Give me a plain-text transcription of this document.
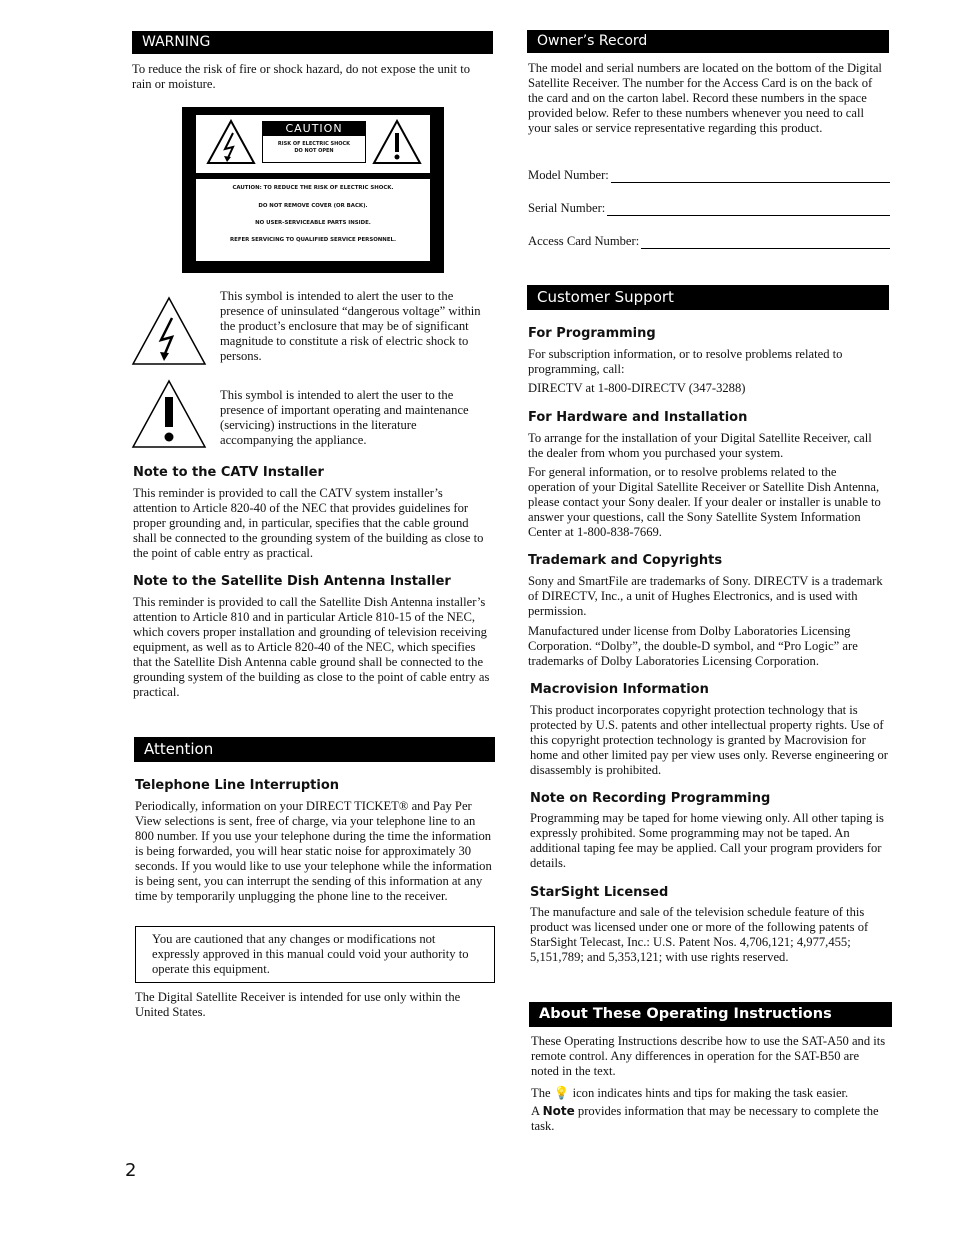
WARNING

To reduce the risk of fire or shock hazard, do not expose the unit to rain or moisture.

CAUTION
RISK OF ELECTRIC SHOCK
DO NOT OPEN
CAUTION: TO REDUCE THE RISK OF ELECTRIC SHOCK.
DO NOT REMOVE COVER (OR BACK).
NO USER-SERVICEABLE PARTS INSIDE.
REFER SERVICING TO QUALIFIED SERVICE PERSONNEL.

This symbol is intended to alert the user to the presence of uninsulated “dangerous voltage” within the product’s enclosure that may be of significant magnitude to constitute a risk of electric shock to persons.

This symbol is intended to alert the user to the presence of important operating and maintenance (servicing) instructions in the literature accompanying the appliance.

Note to the CATV Installer

This reminder is provided to call the CATV system installer’s attention to Article 820-40 of the NEC that provides guidelines for proper grounding and, in particular, specifies that the cable ground shall be connected to the grounding system of the building as close to the point of cable entry as practical.

Note to the Satellite Dish Antenna Installer

This reminder is provided to call the Satellite Dish Antenna installer’s attention to Article 810 and in particular Article 810-15 of the NEC, which covers proper installation and grounding of television receiving equipment, as well as to Article 820-40 of the NEC, which specifies that the Satellite Dish Antenna cable ground shall be connected to the grounding system of the building as close to the point of cable entry as practical.

Attention
Telephone Line Interruption

Periodically, information on your DIRECT TICKET® and Pay Per View selections is sent, free of charge, via your telephone line to an 800 number. If you use your telephone during the time the information is being forwarded, you will hear static noise for approximately 30 seconds. If you would like to use your telephone while the information is being sent, you can interrupt the sending of this information at any time by temporarily unplugging the phone line to the receiver.

You are cautioned that any changes or modifications not expressly approved in this manual could void your authority to operate this equipment.

The Digital Satellite Receiver is intended for use only within the United States.

Owner’s Record

The model and serial numbers are located on the bottom of the Digital Satellite Receiver. The number for the Access Card is on the back of the card and on the carton label. Record these numbers in the space provided below. Refer to these numbers whenever you need to call your sales or service representative regarding this product.

Model Number:
Serial Number:
Access Card Number:
Customer Support
For Programming

For subscription information, or to resolve problems related to programming, call:

DIRECTV at 1-800-DIRECTV (347-3288)

For Hardware and Installation

To arrange for the installation of your Digital Satellite Receiver, call the dealer from whom you purchased your system.

For general information, or to resolve problems related to the operation of your Digital Satellite Receiver or Satellite Dish Antenna, please contact your Sony dealer. If your dealer or installer is unable to answer your questions, call the Sony Satellite System Information Center at 1-800-838-7669.

Trademark and Copyrights

Sony and SmartFile are trademarks of Sony. DIRECTV is a trademark of DIRECTV, Inc., a unit of Hughes Electronics, and is used with permission.

Manufactured under license from Dolby Laboratories Licensing Corporation. “Dolby”, the double-D symbol, and “Pro Logic” are trademarks of Dolby Laboratories Licensing Corporation.

Macrovision Information

This product incorporates copyright protection technology that is protected by U.S. patents and other intellectual property rights. Use of this copyright protection technology is granted by Macrovision for home and other limited pay per view uses only. Reverse engineering or disassembly is prohibited.

Note on Recording Programming

Programming may be taped for home viewing only. All other taping is expressly prohibited. Some programming may not be taped. An additional taping fee may be applied. Call your program providers for details.

StarSight Licensed

The manufacture and sale of the television schedule feature of this product was licensed under one or more of the following patents of StarSight Telecast, Inc.: U.S. Patent Nos. 4,706,121; 4,977,455; 5,151,789; and 5,353,121; with use rights reserved.

About These Operating Instructions

These Operating Instructions describe how to use the SAT-A50 and its remote control. Any differences in operation for the SAT-B50 are noted in the text.

The 💡 icon indicates hints and tips for making the task easier.

A Note provides information that may be necessary to complete the task.

2
